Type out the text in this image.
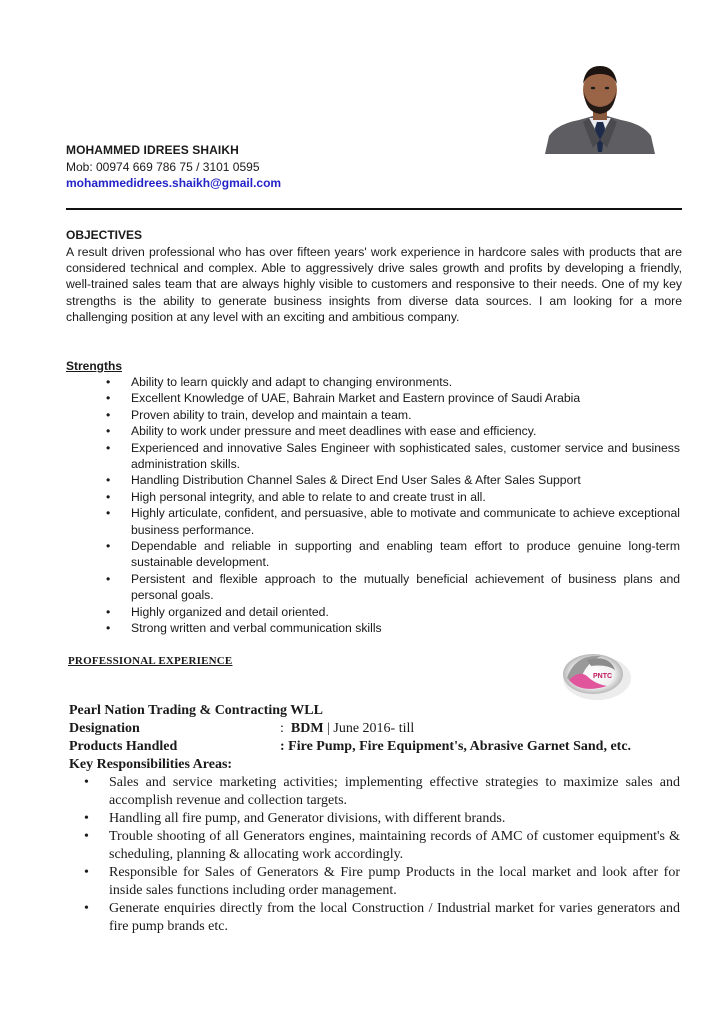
MOHAMMED IDREES SHAIKH
Mob: 00974 669 786 75 / 3101 0595
mohammedidrees.shaikh@gmail.com
OBJECTIVES
A result driven professional who has over fifteen years' work experience in hardcore sales with products that are considered technical and complex. Able to aggressively drive sales growth and profits by developing a friendly, well-trained sales team that are always highly visible to customers and responsive to their needs. One of my key strengths is the ability to generate business insights from diverse data sources. I am looking for a more challenging position at any level with an exciting and ambitious company.
Strengths
• Ability to learn quickly and adapt to changing environments.
• Excellent Knowledge of UAE, Bahrain Market and Eastern province of Saudi Arabia
• Proven ability to train, develop and maintain a team.
• Ability to work under pressure and meet deadlines with ease and efficiency.
• Experienced and innovative Sales Engineer with sophisticated sales, customer service and business administration skills.
• Handling Distribution Channel Sales & Direct End User Sales & After Sales Support
• High personal integrity, and able to relate to and create trust in all.
• Highly articulate, confident, and persuasive, able to motivate and communicate to achieve exceptional business performance.
• Dependable and reliable in supporting and enabling team effort to produce genuine long-term sustainable development.
• Persistent and flexible approach to the mutually beneficial achievement of business plans and personal goals.
• Highly organized and detail oriented.
• Strong written and verbal communication skills
PROFESSIONAL EXPERIENCE
PNTC
Pearl Nation Trading & Contracting WLL
Designation	: BDM | June 2016- till
Products Handled	: Fire Pump, Fire Equipment's, Abrasive Garnet Sand, etc.
Key Responsibilities Areas:
• Sales and service marketing activities; implementing effective strategies to maximize sales and accomplish revenue and collection targets.
• Handling all fire pump, and Generator divisions, with different brands.
• Trouble shooting of all Generators engines, maintaining records of AMC of customer equipment's & scheduling, planning & allocating work accordingly.
• Responsible for Sales of Generators & Fire pump Products in the local market and look after for inside sales functions including order management.
• Generate enquiries directly from the local Construction / Industrial market for varies generators and fire pump brands etc.
